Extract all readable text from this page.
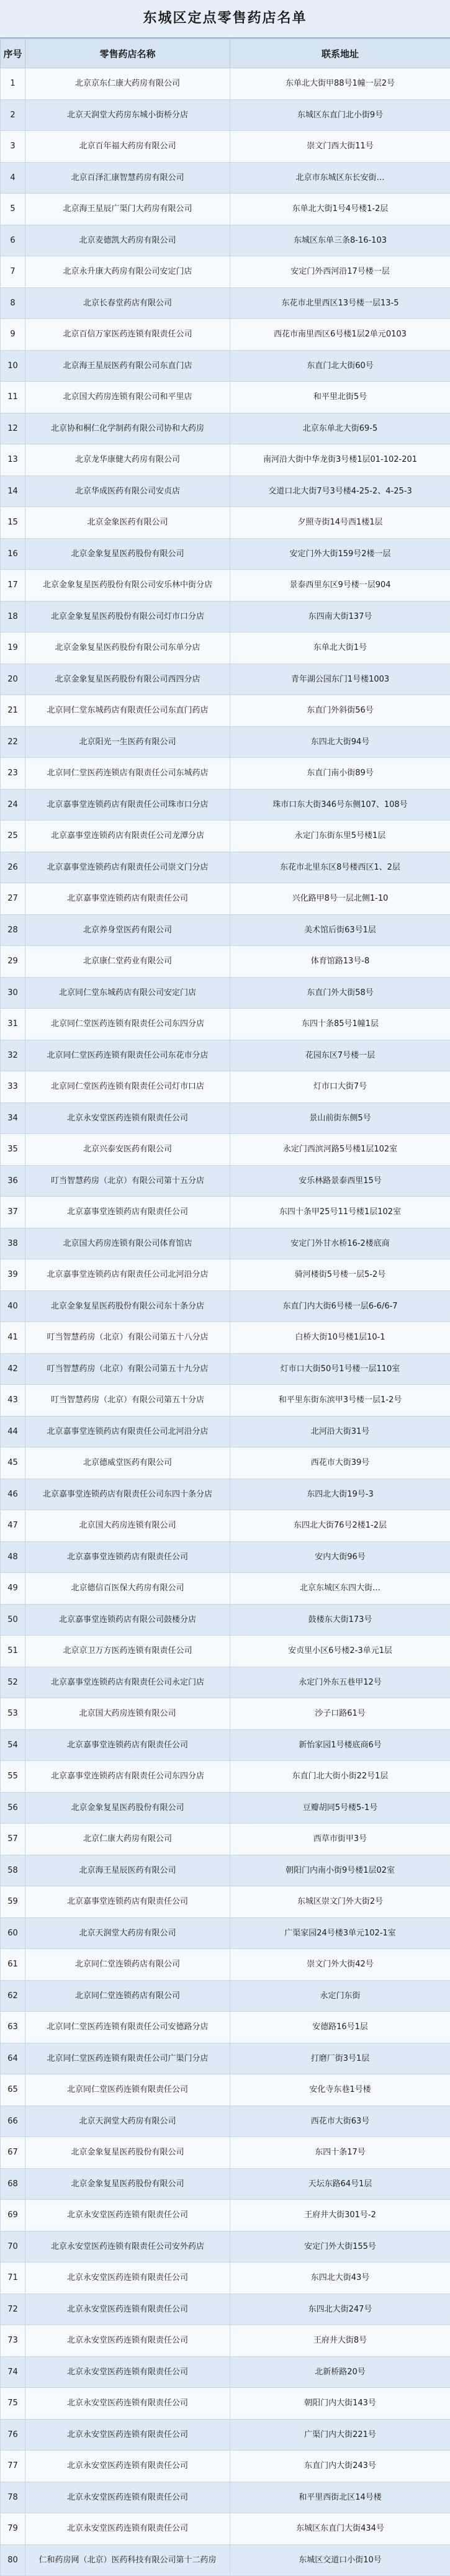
东城区定点零售药店名单
序号	零售药店名称	联系地址
1	北京京东仁康大药房有限公司	东单北大街甲88号1幢一层2号
2	北京天润堂大药房东城小街桥分店	东城区东直门北小街9号
3	北京百年福大药房有限公司	崇文门西大街11号
4	北京百泽汇康智慧药房有限公司	北京市东城区东长安街…
5	北京海王星辰广渠门大药房有限公司	东单北大街1号4号楼1-2层
6	北京麦德凯大药房有限公司	东城区东单三条8-16-103
7	北京永升康大药房有限公司安定门店	安定门外西河沿17号楼一层
8	北京长春堂药店有限公司	东花市北里西区13号楼一层13-5
9	北京百信万家医药连锁有限责任公司	西花市南里西区6号楼1层2单元0103
10	北京海王星辰医药有限公司东直门店	东直门北大街60号
11	北京国大药房连锁有限公司和平里店	和平里北街5号
12	北京协和桐仁化学制药有限公司协和大药房	北京东单北大街69-5
13	北京龙华康健大药房有限公司	南河沿大街中华龙街3号楼1层01-102-201
14	北京华成医药有限公司安贞店	交道口北大街7号3号楼4-25-2、4-25-3
15	北京金象医药有限公司	夕照寺街14号西1楼1层
16	北京金象复星医药股份有限公司	安定门外大街159号2楼一层
17	北京金象复星医药股份有限公司安乐林中街分店	景泰西里东区9号楼一层904
18	北京金象复星医药股份有限公司灯市口分店	东四南大街137号
19	北京金象复星医药股份有限公司东单分店	东单北大街1号
20	北京金象复星医药股份有限公司西四分店	青年湖公园东门1号楼1003
21	北京同仁堂东城药店有限责任公司东直门药店	东直门外斜街56号
22	北京阳光一生医药有限公司	东四北大街94号
23	北京同仁堂医药连锁店有限责任公司东城药店	东直门南小街89号
24	北京嘉事堂连锁药店有限责任公司珠市口分店	珠市口东大街346号东侧107、108号
25	北京嘉事堂连锁药店有限责任公司龙潭分店	永定门东街东里5号楼1层
26	北京嘉事堂连锁药店有限责任公司崇文门分店	东花市北里东区8号楼西区1、2层
27	北京嘉事堂连锁药店有限责任公司	兴化路甲8号一层北侧1-10
28	北京养身堂医药有限公司	美术馆后街63号1层
29	北京康仁堂药业有限公司	体育馆路13号-8
30	北京同仁堂东城药店有限公司安定门店	东直门外大街58号
31	北京同仁堂医药连锁有限责任公司东四分店	东四十条85号1幢1层
32	北京同仁堂医药连锁有限责任公司东花市分店	花园东区7号楼一层
33	北京同仁堂医药连锁有限责任公司灯市口店	灯市口大街7号
34	北京永安堂医药连锁有限责任公司	景山前街东侧5号
35	北京兴泰安医药有限公司	永定门西滨河路5号楼1层102室
36	叮当智慧药房（北京）有限公司第十五分店	安乐林路景泰西里15号
37	北京嘉事堂连锁药店有限责任公司	东四十条甲25号11号楼1层102室
38	北京国大药房连锁有限公司体育馆店	安定门外甘水桥16-2楼底商
39	北京嘉事堂连锁药店有限责任公司北河沿分店	骑河楼街5号楼一层5-2号
40	北京金象复星医药股份有限公司东十条分店	东直门内大街6号楼一层6-6/6-7
41	叮当智慧药房（北京）有限公司第五十八分店	白桥大街10号楼1层10-1
42	叮当智慧药房（北京）有限公司第五十九分店	灯市口大街50号1号楼一层110室
43	叮当智慧药房（北京）有限公司第五十分店	和平里东街东滨甲3号楼一层1-2号
44	北京嘉事堂连锁药店有限责任公司北河沿分店	北河沿大街31号
45	北京德威堂医药有限公司	西花市大街39号
46	北京嘉事堂连锁药店有限责任公司东四十条分店	东四北大街19号-3
47	北京国大药房连锁有限公司	东四北大街76号2楼1-2层
48	北京嘉事堂连锁药店有限责任公司	安内大街96号
49	北京德信百医保大药房有限公司	北京东城区东四大街…
50	北京嘉事堂连锁药店有限公司鼓楼分店	鼓楼东大街173号
51	北京京卫万方医药连锁有限责任公司	安贞里小区6号楼2-3单元1层
52	北京嘉事堂连锁药店有限责任公司永定门店	永定门外东五巷甲12号
53	北京国大药房连锁有限公司	沙子口路61号
54	北京嘉事堂连锁药店有限责任公司	新怡家园1号楼底商6号
55	北京嘉事堂连锁药店有限责任公司东四分店	东直门北大街小街22号1层
56	北京金象复星医药股份有限公司	豆瓣胡同5号楼5-1号
57	北京仁康大药房有限公司	西草市街甲3号
58	北京海王星辰医药有限公司	朝阳门内南小街9号楼1层02室
59	北京嘉事堂连锁药店有限责任公司	东城区崇文门外大街2号
60	北京天润堂大药房有限公司	广渠家园24号楼3单元102-1室
61	北京同仁堂连锁药店有限公司	崇文门外大街42号
62	北京同仁堂连锁药店有限公司	永定门东街
63	北京同仁堂医药连锁有限责任公司安德路分店	安德路16号1层
64	北京同仁堂医药连锁有限责任公司广渠门分店	打磨厂街3号1层
65	北京同仁堂医药连锁有限责任公司	安化寺东巷1号楼
66	北京天润堂大药房有限公司	西花市大街63号
67	北京金象复星医药股份有限公司	东四十条17号
68	北京金象复星医药股份有限公司	天坛东路64号1层
69	北京永安堂医药连锁有限责任公司	王府井大街301号-2
70	北京永安堂医药连锁有限责任公司安外药店	安定门外大街155号
71	北京永安堂医药连锁有限责任公司	东四北大街43号
72	北京永安堂医药连锁有限责任公司	东四北大街247号
73	北京永安堂医药连锁有限责任公司	王府井大街8号
74	北京永安堂医药连锁有限责任公司	北新桥路20号
75	北京永安堂医药连锁有限责任公司	朝阳门内大街143号
76	北京永安堂医药连锁有限责任公司	广渠门内大街221号
77	北京永安堂医药连锁有限责任公司	东直门内大街243号
78	北京永安堂医药连锁有限责任公司	和平里西街北区14号楼
79	北京永安堂医药连锁有限责任公司	东城区东直门大街434号
80	仁和药房网（北京）医药科技有限公司第十二药房	东城区交道口小街10号
